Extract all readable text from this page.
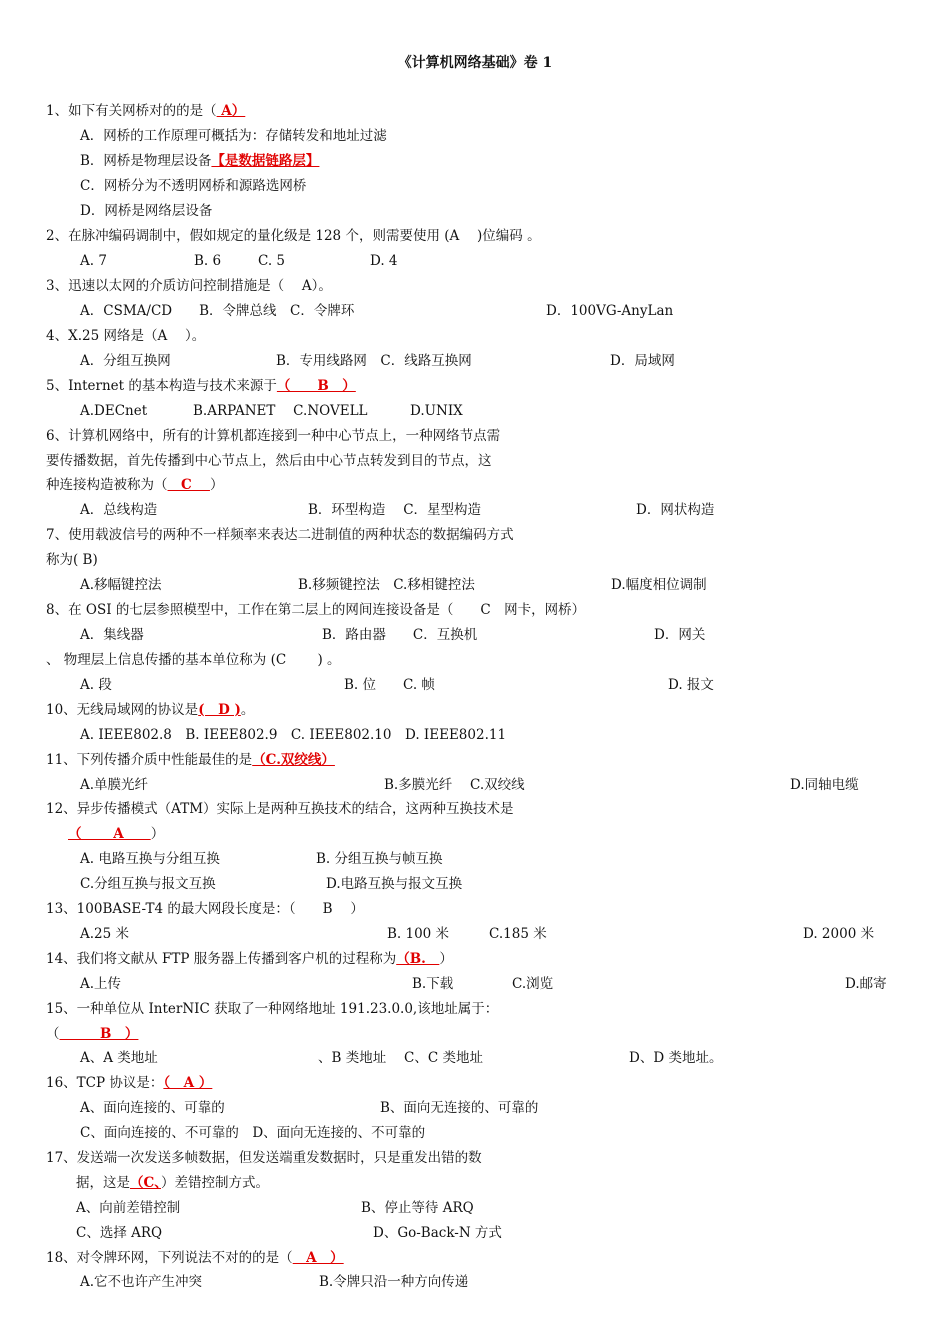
《计算机网络基础》卷 1
1、如下有关网桥对的的是（ A）
A．网桥的工作原理可概括为：存储转发和地址过滤
B．网桥是物理层设备【是数据链路层】
C．网桥分为不透明网桥和源路选网桥
D．网桥是网络层设备
2、在脉冲编码调制中，假如规定的量化级是 128 个，则需要使用 (A　 )位编码 。
A. 7	B. 6	C. 5	D. 4
3、迅速以太网的介质访问控制措施是（　 A）。
A．CSMA/CD　　B．令牌总线　C．令牌环	D．100VG-AnyLan
4、X.25 网络是（A　 ）。
A．分组互换网	B．专用线路网　C．线路互换网	D．局域网
5、Internet 的基本构造与技术来源于（　　B　）
A.DECnet	B.ARPANET　 C.NOVELL	D.UNIX
6、计算机网络中，所有的计算机都连接到一种中心节点上，一种网络节点需
要传播数据，首先传播到中心节点上，然后由中心节点转发到目的节点，这
种连接构造被称为（　C　 ）
A．总线构造	B．环型构造　 C．星型构造	D．网状构造
7、使用载波信号的两种不一样频率来表达二进制值的两种状态的数据编码方式
称为( B)
A.移幅键控法	B.移频键控法　C.移相键控法	D.幅度相位调制
8、在 OSI 的七层参照模型中，工作在第二层上的网间连接设备是（　　C　网卡，网桥）
A．集线器	B．路由器　　C．互换机	D．网关
、 物理层上信息传播的基本单位称为 (C　　 ) 。
A. 段	B. 位　　C. 帧	D. 报文
10、无线局域网的协议是(　D )。
A. IEEE802.8　B. IEEE802.9　C. IEEE802.10　D. IEEE802.11
11、下列传播介质中性能最佳的是（C.双绞线）
A.单膜光纤	B.多膜光纤　 C.双绞线	D.同轴电缆
12、异步传播模式（ATM）实际上是两种互换技术的结合，这两种互换技术是
（　　 A　　）
A. 电路互换与分组互换	B. 分组互换与帧互换
C.分组互换与报文互换	D.电路互换与报文互换
13、100BASE-T4 的最大网段长度是：（　　B　 ）
A.25 米	B. 100 米	C.185 米	D. 2000 米
14、我们将文献从 FTP 服务器上传播到客户机的过程称为（B.　）
A.上传	B.下载	C.浏览	D.邮寄
15、一种单位从 InterNIC 获取了一种网络地址 191.23.0.0,该地址属于：
（　　　B　）
A、A 类地址	、B 类地址　 C、C 类地址	D、D 类地址。
16、TCP 协议是：（　A ）
A、面向连接的、可靠的	B、面向无连接的、可靠的
C、面向连接的、不可靠的　D、面向无连接的、不可靠的
17、发送端一次发送多帧数据，但发送端重发数据时，只是重发出错的数
据，这是（C、）差错控制方式。
A、向前差错控制	B、停止等待 ARQ
C、选择 ARQ	D、Go-Back-N 方式
18、对令牌环网，下列说法不对的的是（　A　）
A.它不也许产生冲突	B.令牌只沿一种方向传递
